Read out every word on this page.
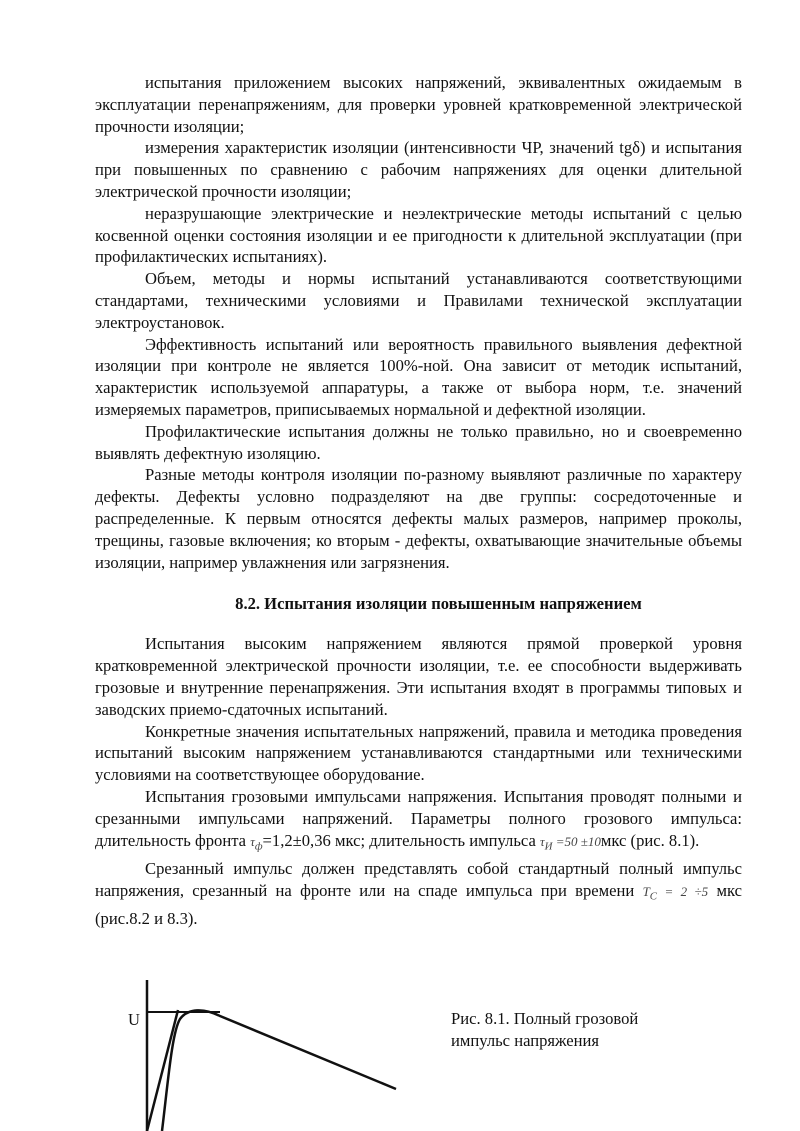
испытания приложением высоких напряжений, эквивалентных ожидаемым в эксплуатации перенапряжениям, для проверки уровней кратковременной электрической прочности изоляции;

измерения характеристик изоляции (интенсивности ЧР, значений tgδ) и испытания при повышенных по сравнению с рабочим напряжениях для оценки длительной электрической прочности изоляции;

неразрушающие электрические и неэлектрические методы испытаний с целью косвенной оценки состояния изоляции и ее пригодности к длительной эксплуатации (при профилактических испытаниях).

Объем, методы и нормы испытаний устанавливаются соответствующими стандартами, техническими условиями и Правилами технической эксплуатации электроустановок.

Эффективность испытаний или вероятность правильного выявления дефектной изоляции при контроле не является 100%-ной. Она зависит от методик испытаний, характеристик используемой аппаратуры, а также от выбора норм, т.е. значений измеряемых параметров, приписываемых нормальной и дефектной изоляции.

Профилактические испытания должны не только правильно, но и своевременно выявлять дефектную изоляцию.

Разные методы контроля изоляции по-разному выявляют различные по характеру дефекты. Дефекты условно подразделяют на две группы: сосредоточенные и распределенные. К первым относятся дефекты малых размеров, например проколы, трещины, газовые включения; ко вторым - дефекты, охватывающие значительные объемы изоляции, например увлажнения или загрязнения.

8.2. Испытания изоляции повышенным напряжением

Испытания высоким напряжением являются прямой проверкой уровня кратковременной электрической прочности изоляции, т.е. ее способности выдерживать грозовые и внутренние перенапряжения. Эти испытания входят в программы типовых и заводских приемо-сдаточных испытаний.

Конкретные значения испытательных напряжений, правила и методика проведения испытаний высоким напряжением устанавливаются стандартными или техническими условиями на соответствующее оборудование.

Испытания грозовыми импульсами напряжения. Испытания проводят полными и срезанными импульсами напряжений. Параметры полного грозового импульса: длительность фронта $\tau_ф=1,2\pm 0,36$ мкс; длительность импульса $\tau_И =50 \pm 10мкс$ (рис. 8.1).

Срезанный импульс должен представлять собой стандартный полный импульс напряжения, срезанный на фронте или на спаде импульса при времени $T_C = 2 \div 5$ мкс (рис.8.2 и 8.3).

U	Рис. 8.1. Полный грозовой импульс напряжения
